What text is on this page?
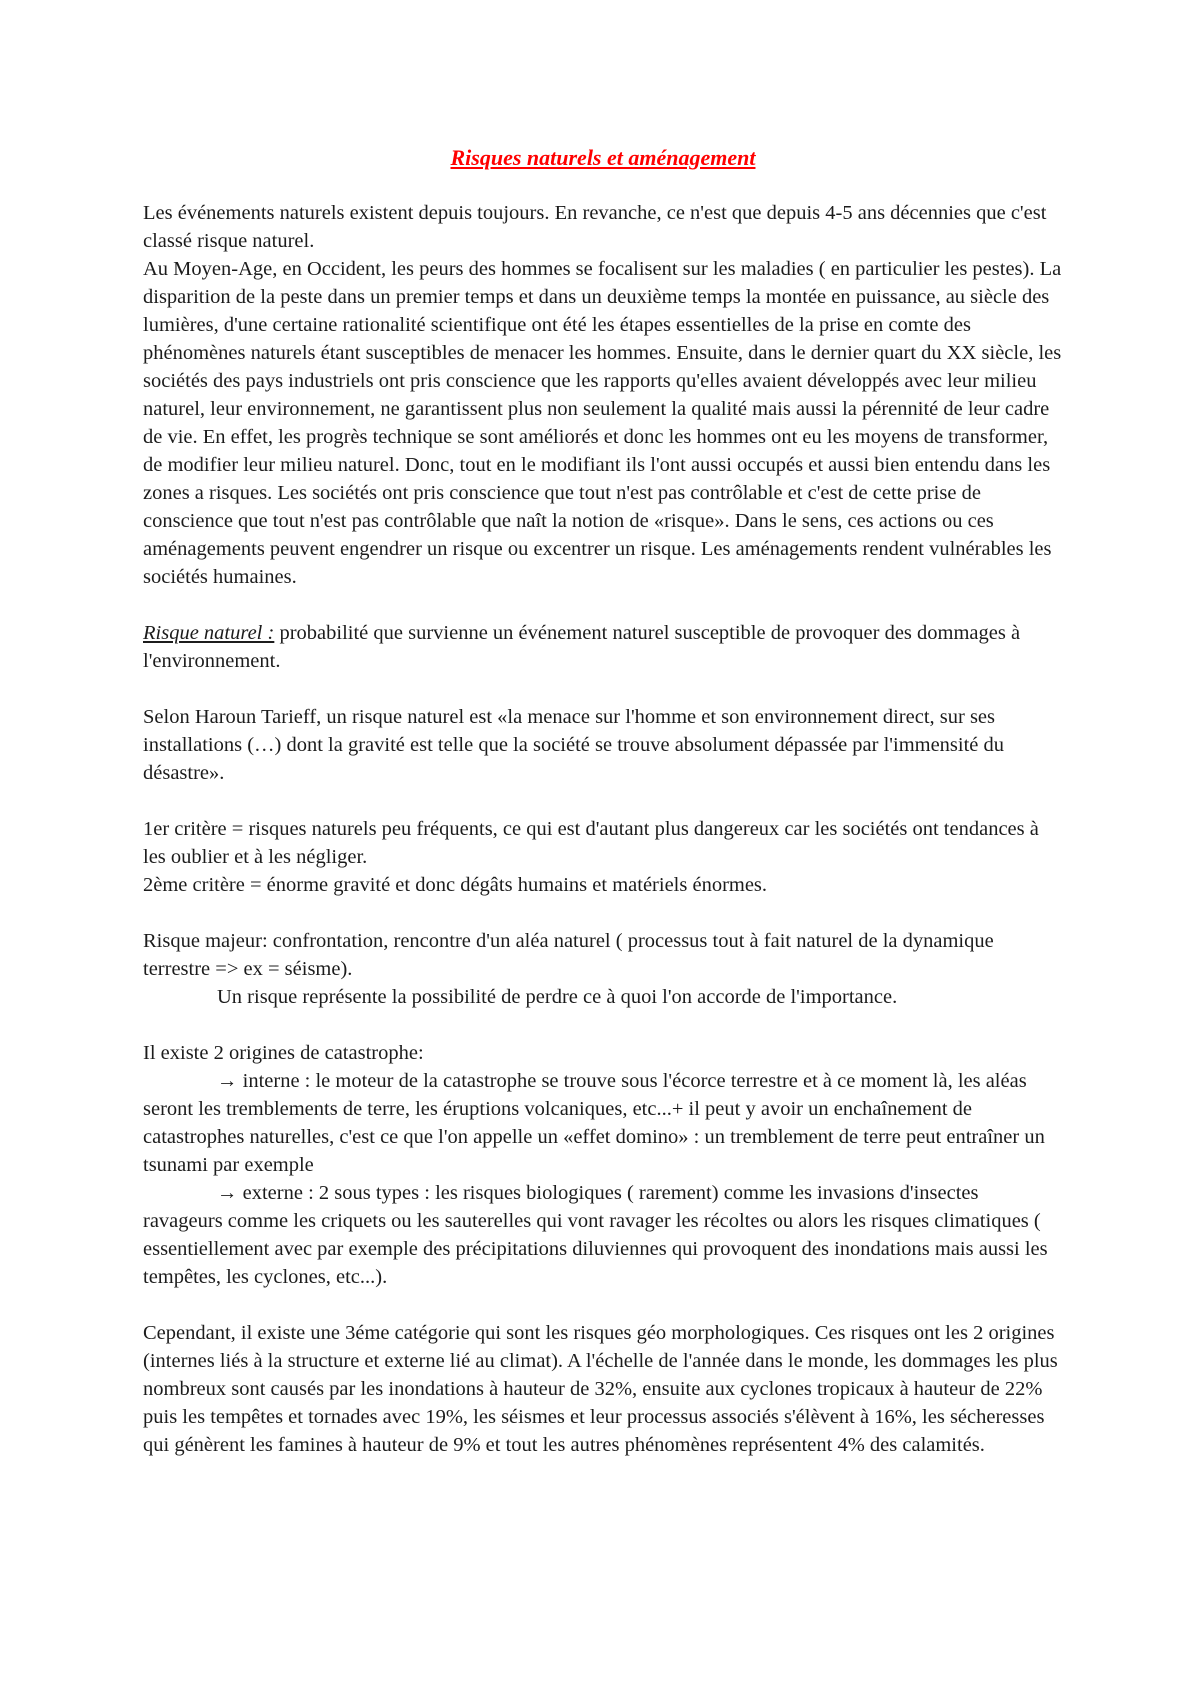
Risques naturels et aménagement

Les événements naturels existent depuis toujours. En revanche, ce n'est que depuis 4-5 ans décennies que c'est classé risque naturel.

Au Moyen-Age, en Occident, les peurs des hommes se focalisent sur les maladies ( en particulier les pestes). La disparition de la peste dans un premier temps et dans un deuxième temps la montée en puissance, au siècle des lumières, d'une certaine rationalité scientifique ont été les étapes essentielles de la prise en comte des phénomènes naturels étant susceptibles de menacer les hommes. Ensuite, dans le dernier quart du XX siècle, les sociétés des pays industriels ont pris conscience que les rapports qu'elles avaient développés avec leur milieu naturel, leur environnement, ne garantissent plus non seulement la qualité mais aussi la pérennité de leur cadre de vie. En effet, les progrès technique se sont améliorés et donc les hommes ont eu les moyens de transformer, de modifier leur milieu naturel. Donc, tout en le modifiant ils l'ont aussi occupés et aussi bien entendu dans les zones a risques. Les sociétés ont pris conscience que tout n'est pas contrôlable et c'est de cette prise de conscience que tout n'est pas contrôlable que naît la notion de «risque». Dans le sens, ces actions ou ces aménagements peuvent engendrer un risque ou excentrer un risque. Les aménagements rendent vulnérables les sociétés humaines.

Risque naturel : probabilité que survienne un événement naturel susceptible de provoquer des dommages à l'environnement.

Selon Haroun Tarieff, un risque naturel est «la menace sur l'homme et son environnement direct, sur ses installations (…) dont la gravité est telle que la société se trouve absolument dépassée par l'immensité du désastre».

1er critère = risques naturels peu fréquents, ce qui est d'autant plus dangereux car les sociétés ont tendances à les oublier et à les négliger.

2ème critère = énorme gravité et donc dégâts humains et matériels énormes.

Risque majeur: confrontation, rencontre d'un aléa naturel ( processus tout à fait naturel de la dynamique terrestre => ex = séisme).

Un risque représente la possibilité de perdre ce à quoi l'on accorde de l'importance.

Il existe 2 origines de catastrophe:

→ interne : le moteur de la catastrophe se trouve sous l'écorce terrestre et à ce moment là, les aléas seront les tremblements de terre, les éruptions volcaniques, etc...+ il peut y avoir un enchaînement de catastrophes naturelles, c'est ce que l'on appelle un «effet domino» : un tremblement de terre peut entraîner un tsunami par exemple

→ externe : 2 sous types : les risques biologiques ( rarement) comme les invasions d'insectes ravageurs comme les criquets ou les sauterelles qui vont ravager les récoltes ou alors les risques climatiques ( essentiellement avec par exemple des précipitations diluviennes qui provoquent des inondations mais aussi les tempêtes, les cyclones, etc...).

Cependant, il existe une 3éme catégorie qui sont les risques géo morphologiques. Ces risques ont les 2 origines (internes liés à la structure et externe lié au climat). A l'échelle de l'année dans le monde, les dommages les plus nombreux sont causés par les inondations à hauteur de 32%, ensuite aux cyclones tropicaux à hauteur de 22% puis les tempêtes et tornades avec 19%, les séismes et leur processus associés s'élèvent à 16%, les sécheresses qui génèrent les famines à hauteur de 9% et tout les autres phénomènes représentent 4% des calamités.
